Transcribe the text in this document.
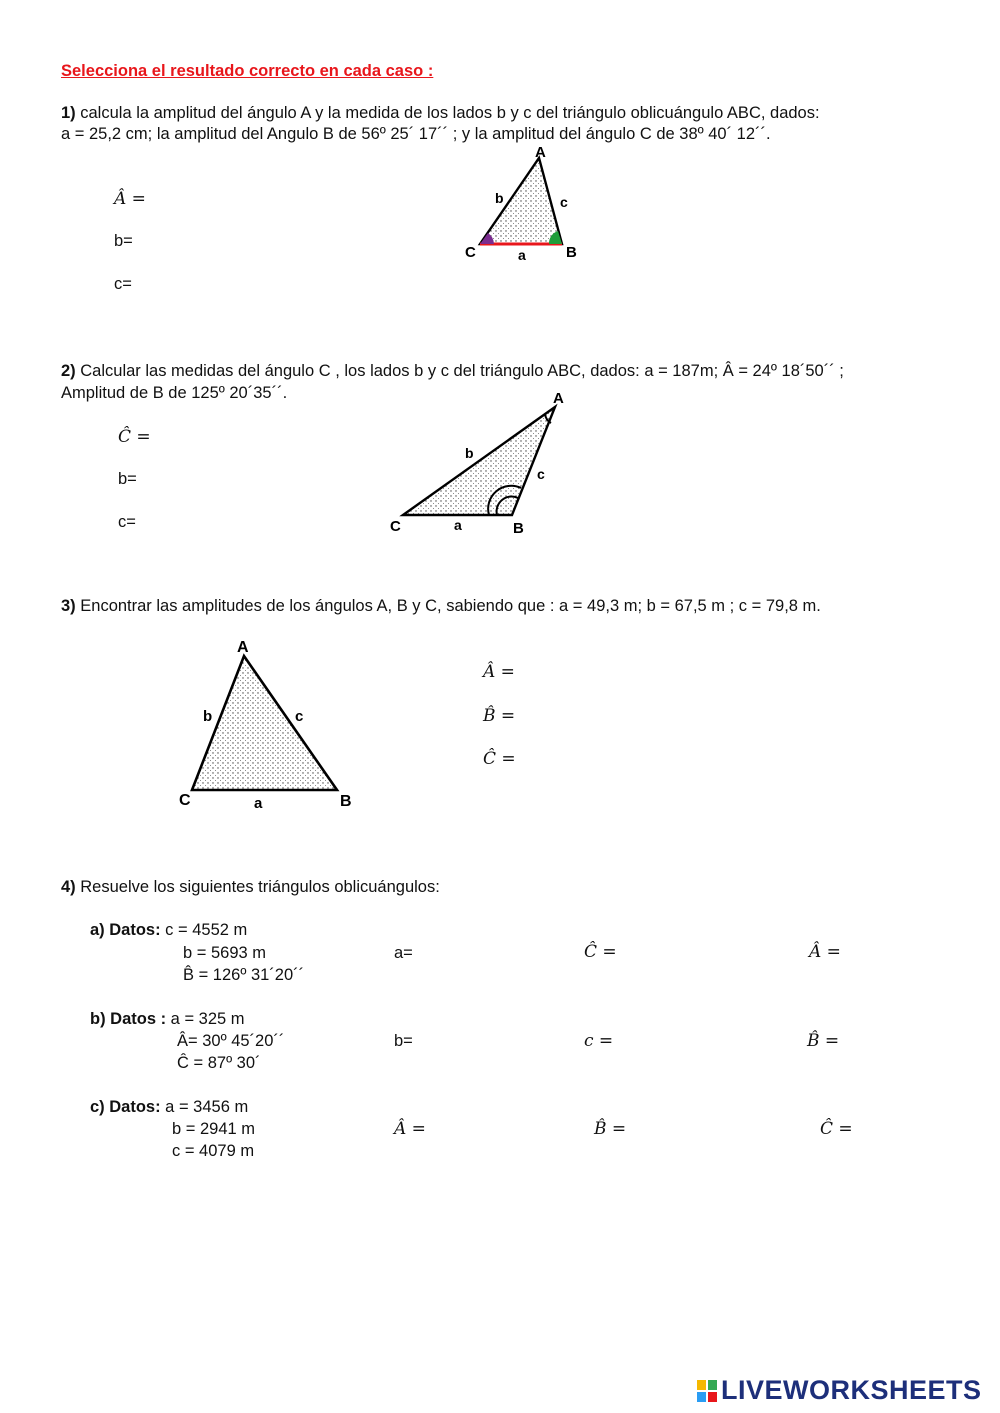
Selecciona el resultado correcto en cada caso :
1) calcula la amplitud del ángulo A y la medida de los lados b y c del triángulo oblicuángulo ABC, dados:
a = 25,2 cm; la amplitud del Angulo B de 56º 25´ 17´´ ; y la amplitud del ángulo C de 38º 40´ 12´´.
Â =
b=
c=
A
b	c
C	a	B
2) Calcular las medidas del ángulo C , los lados b y c del triángulo ABC, dados: a = 187m; Â = 24º 18´50´´ ;
Amplitud de B de 125º 20´35´´.
Ĉ =
b=
c=
A
b
c
C	a	B
3) Encontrar las amplitudes de los ángulos A, B y C, sabiendo que : a = 49,3 m; b = 67,5 m ; c = 79,8 m.
A
b	c
C	a	B
Â =
B̂ =
Ĉ =
4) Resuelve los siguientes triángulos oblicuángulos:
a) Datos: c = 4552 m
b = 5693 m
B̂ = 126º 31´20´´
a=	Ĉ =	Â =
b) Datos : a = 325 m
Â= 30º 45´20´´
Ĉ = 87º 30´
b=	c =	B̂ =
c) Datos: a = 3456 m
b = 2941 m
c = 4079 m
Â =	B̂ =	Ĉ =
LIVEWORKSHEETS
